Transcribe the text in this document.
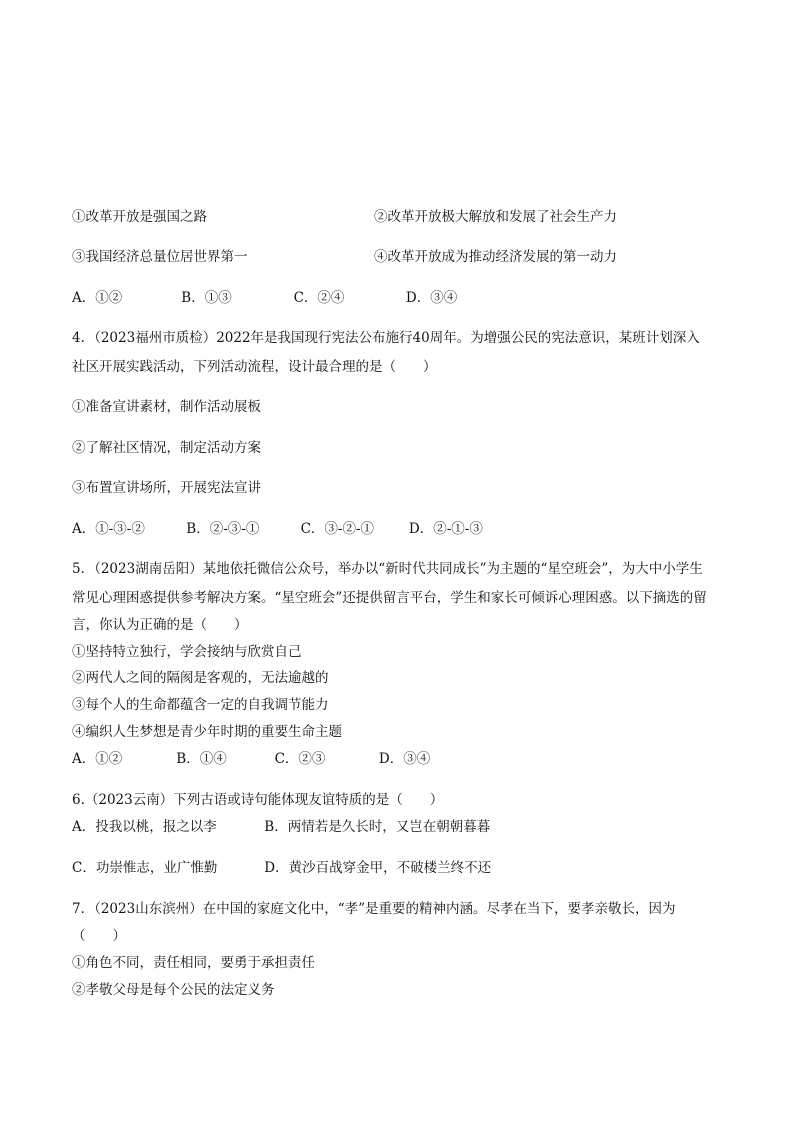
①改革开放是强国之路	②改革开放极大解放和发展了社会生产力
③我国经济总量位居世界第一	④改革开放成为推动经济发展的第一动力
A．①②	B．①③	C．②④	D．③④
4．（2023福州市质检）2022年是我国现行宪法公布施行40周年。为增强公民的宪法意识，某班计划深入
社区开展实践活动，下列活动流程，设计最合理的是（　　）
①准备宣讲素材，制作活动展板
②了解社区情况，制定活动方案
③布置宣讲场所，开展宪法宣讲
A．①-③-②	B．②-③-①	C．③-②-①	D．②-①-③
5．（2023湖南岳阳）某地依托微信公众号，举办以“新时代共同成长”为主题的“星空班会”，为大中小学生
常见心理困惑提供参考解决方案。“星空班会”还提供留言平台，学生和家长可倾诉心理困惑。以下摘选的留
言，你认为正确的是（　　）
①坚持特立独行，学会接纳与欣赏自己
②两代人之间的隔阂是客观的，无法逾越的
③每个人的生命都蕴含一定的自我调节能力
④编织人生梦想是青少年时期的重要生命主题
A．①②	B．①④	C．②③	D．③④
6.（2023云南）下列古语或诗句能体现友谊特质的是（　　）
A．投我以桃，报之以李	B．两情若是久长时，又岂在朝朝暮暮
C．功崇惟志，业广惟勤	D．黄沙百战穿金甲，不破楼兰终不还
7．（2023山东滨州）在中国的家庭文化中，“孝”是重要的精神内涵。尽孝在当下，要孝亲敬长，因为
（　　）
①角色不同，责任相同，要勇于承担责任
②孝敬父母是每个公民的法定义务
